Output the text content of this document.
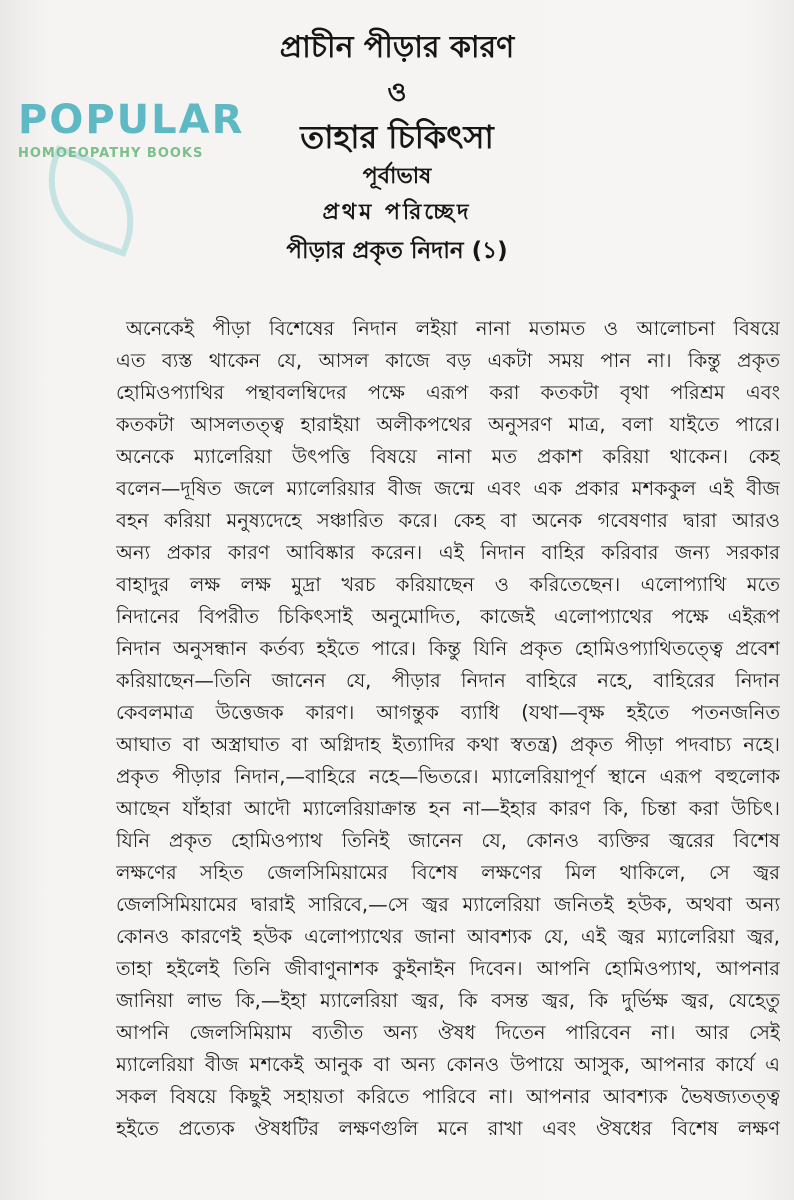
প্রাচীন পীড়ার কারণ
ও
তাহার চিকিৎসা
পূর্বাভাষ
প্রথম পরিচ্ছেদ
পীড়ার প্রকৃত নিদান (১)
অনেকেই পীড়া বিশেষের নিদান লইয়া নানা মতামত ও আলোচনা বিষয়ে
এত ব্যস্ত থাকেন যে, আসল কাজে বড় একটা সময় পান না। কিন্তু প্রকৃত
হোমিওপ্যাথির পন্থাবলম্বিদের পক্ষে এরূপ করা কতকটা বৃথা পরিশ্রম এবং
কতকটা আসলতত্ত্ব হারাইয়া অলীকপথের অনুসরণ মাত্র, বলা যাইতে পারে।
অনেকে ম্যালেরিয়া উৎপত্তি বিষয়ে নানা মত প্রকাশ করিয়া থাকেন। কেহ
বলেন—দূষিত জলে ম্যালেরিয়ার বীজ জন্মে এবং এক প্রকার মশককুল এই বীজ
বহন করিয়া মনুষ্যদেহে সঞ্চারিত করে। কেহ বা অনেক গবেষণার দ্বারা আরও
অন্য প্রকার কারণ আবিষ্কার করেন। এই নিদান বাহির করিবার জন্য সরকার
বাহাদুর লক্ষ লক্ষ মুদ্রা খরচ করিয়াছেন ও করিতেছেন। এলোপ্যাথি মতে
নিদানের বিপরীত চিকিৎসাই অনুমোদিত, কাজেই এলোপ্যাথের পক্ষে এইরূপ
নিদান অনুসন্ধান কর্তব্য হইতে পারে। কিন্তু যিনি প্রকৃত হোমিওপ্যাথিতত্ত্বে প্রবেশ
করিয়াছেন—তিনি জানেন যে, পীড়ার নিদান বাহিরে নহে, বাহিরের নিদান
কেবলমাত্র উত্তেজক কারণ। আগন্তুক ব্যাধি (যথা—বৃক্ষ হইতে পতনজনিত
আঘাত বা অস্ত্রাঘাত বা অগ্নিদাহ ইত্যাদির কথা স্বতন্ত্র) প্রকৃত পীড়া পদবাচ্য নহে।
প্রকৃত পীড়ার নিদান,—বাহিরে নহে—ভিতরে। ম্যালেরিয়াপূর্ণ স্থানে এরূপ বহুলোক
আছেন যাঁহারা আদৌ ম্যালেরিয়াক্রান্ত হন না—ইহার কারণ কি, চিন্তা করা উচিৎ।
যিনি প্রকৃত হোমিওপ্যাথ তিনিই জানেন যে, কোনও ব্যক্তির জ্বরের বিশেষ
লক্ষণের সহিত জেলসিমিয়ামের বিশেষ লক্ষণের মিল থাকিলে, সে জ্বর
জেলসিমিয়ামের দ্বারাই সারিবে,—সে জ্বর ম্যালেরিয়া জনিতই হউক, অথবা অন্য
কোনও কারণেই হউক এলোপ্যাথের জানা আবশ্যক যে, এই জ্বর ম্যালেরিয়া জ্বর,
তাহা হইলেই তিনি জীবাণুনাশক কুইনাইন দিবেন। আপনি হোমিওপ্যাথ, আপনার
জানিয়া লাভ কি,—ইহা ম্যালেরিয়া জ্বর, কি বসন্ত জ্বর, কি দুর্ভিক্ষ জ্বর, যেহেতু
আপনি জেলসিমিয়াম ব্যতীত অন্য ঔষধ দিতেন পারিবেন না। আর সেই
ম্যালেরিয়া বীজ মশকেই আনুক বা অন্য কোনও উপায়ে আসুক, আপনার কার্যে এ
সকল বিষয়ে কিছুই সহায়তা করিতে পারিবে না। আপনার আবশ্যক ভৈষজ্যতত্ত্ব
হইতে প্রত্যেক ঔষধটির লক্ষণগুলি মনে রাখা এবং ঔষধের বিশেষ লক্ষণ
POPULAR
HOMOEOPATHY BOOKS
